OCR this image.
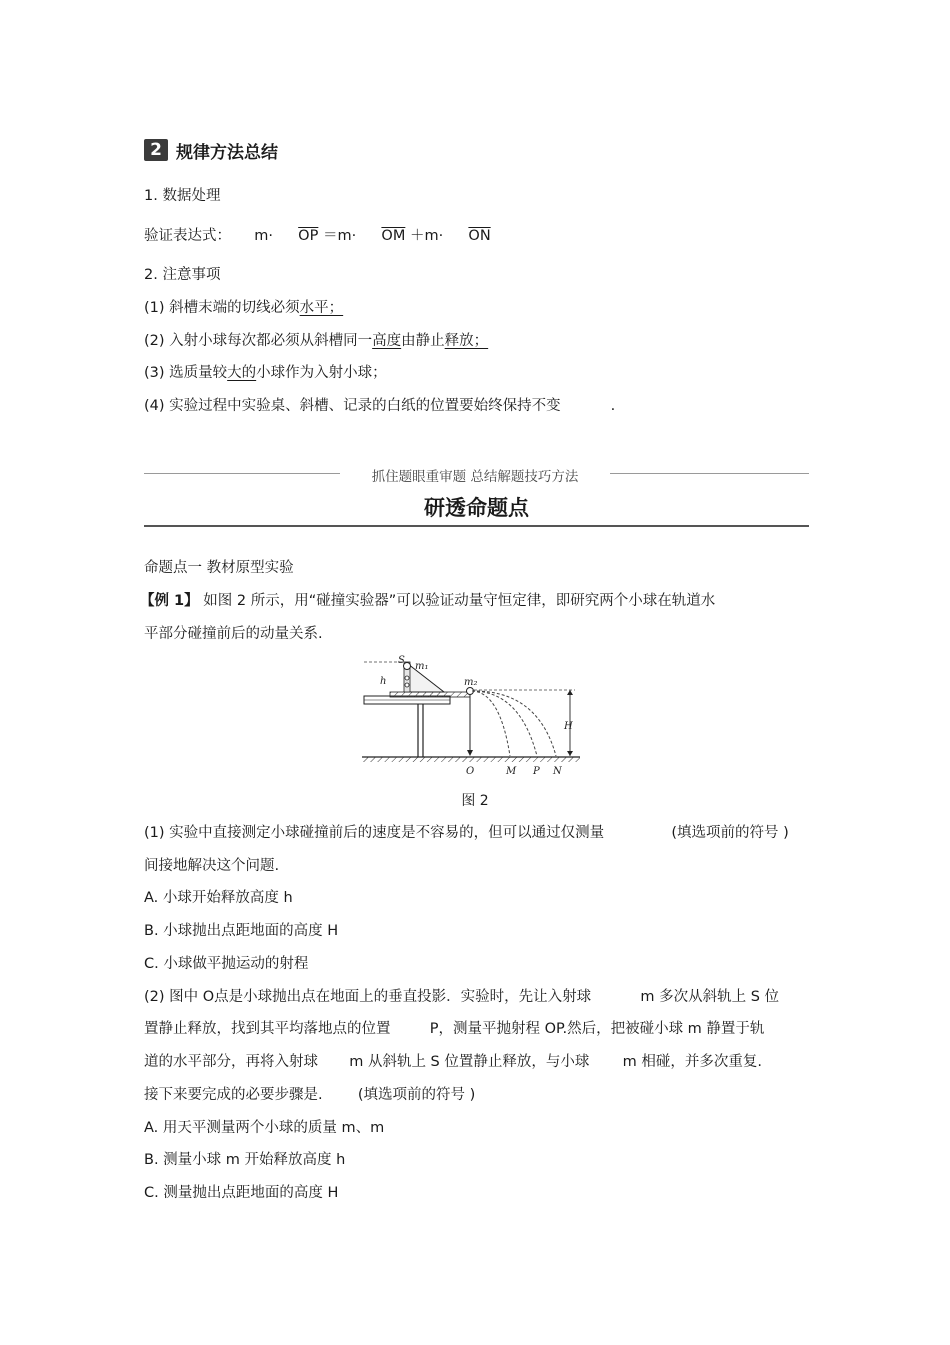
2 规律方法总结
1. 数据处理
验证表达式： $m\cdot \overline{OP} =m\cdot \overline{OM} +m\cdot \overline{ON}$
2. 注意事项
(1) 斜槽末端的切线必须水平；
(2) 入射小球每次都必须从斜槽同一高度由静止释放；
(3) 选质量较大的小球作为入射小球；
(4) 实验过程中实验桌、斜槽、记录的白纸的位置要始终保持不变	.
抓住题眼重审题 总结解题技巧方法
研透命题点
命题点一 教材原型实验
【例 1】 如图 2 所示，用“碰撞实验器”可以验证动量守恒定律，即研究两个小球在轨道水
平部分碰撞前后的动量关系.
S
m₁
h	m₂
H
O	M P N
图 2
(1) 实验中直接测定小球碰撞前后的速度是不容易的，但可以通过仅测量	(填选项前的符号 )
间接地解决这个问题.
A. 小球开始释放高度 h
B. 小球抛出点距地面的高度 H
C. 小球做平抛运动的射程
(2) 图中 O点是小球抛出点在地面上的垂直投影．实验时，先让入射球	m 多次从斜轨上 S 位
置静止释放，找到其平均落地点的位置	P，测量平抛射程 OP.然后，把被碰小球 m 静置于轨
道的水平部分，再将入射球 m 从斜轨上 S 位置静止释放，与小球 m 相碰，并多次重复.
接下来要完成的必要步骤是. (填选项前的符号 )
A. 用天平测量两个小球的质量 m、m
B. 测量小球 m 开始释放高度 h
C. 测量抛出点距地面的高度 H
